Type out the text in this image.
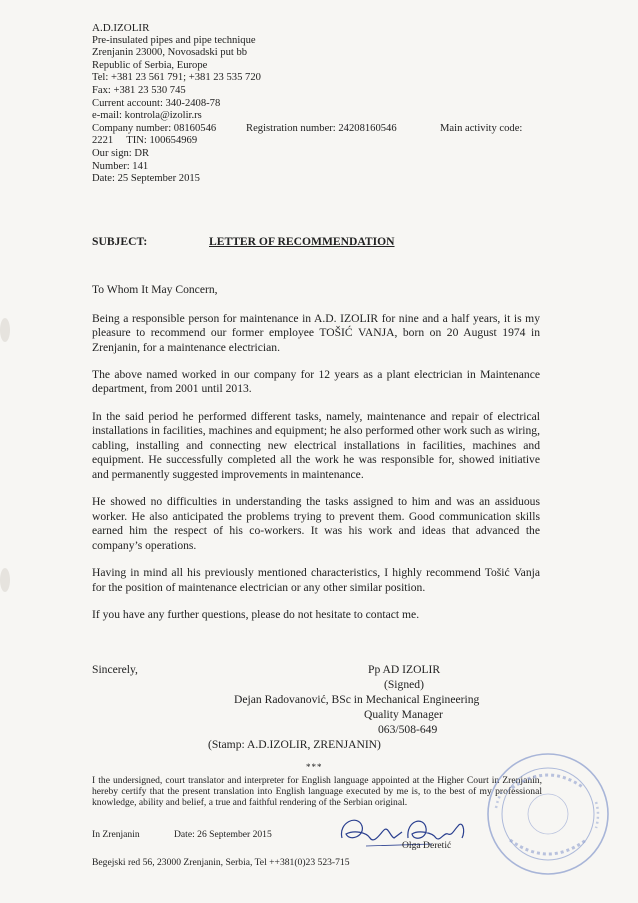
A.D.IZOLIR
Pre-insulated pipes and pipe technique
Zrenjanin 23000, Novosadski put bb
Republic of Serbia, Europe
Tel: +381 23 561 791; +381 23 535 720
Fax: +381 23 530 745
Current account: 340-2408-78
e-mail: kontrola@izolir.rs
Company number: 08160546	Registration number: 24208160546	Main activity code:
2221     TIN: 100654969
Our sign: DR
Number: 141
Date: 25 September 2015
SUBJECT:	LETTER OF RECOMMENDATION

To Whom It May Concern,

Being a responsible person for maintenance in A.D. IZOLIR for nine and a half years, it is my pleasure to recommend our former employee TOŠIĆ VANJA, born on 20 August 1974 in Zrenjanin, for a maintenance electrician.

The above named worked in our company for 12 years as a plant electrician in Maintenance department, from 2001 until 2013.

In the said period he performed different tasks, namely, maintenance and repair of electrical installations in facilities, machines and equipment; he also performed other work such as wiring, cabling, installing and connecting new electrical installations in facilities, machines and equipment. He successfully completed all the work he was responsible for, showed initiative and permanently suggested improvements in maintenance.

He showed no difficulties in understanding the tasks assigned to him and was an assiduous worker. He also anticipated the problems trying to prevent them. Good communication skills earned him the respect of his co-workers. It was his work and ideas that advanced the company’s operations.

Having in mind all his previously mentioned characteristics, I highly recommend Tošić Vanja for the position of maintenance electrician or any other similar position.

If you have any further questions, please do not hesitate to contact me.

Sincerely,	Pp AD IZOLIR
(Signed)
Dejan Radovanović, BSc in Mechanical Engineering
Quality Manager
063/508-649
(Stamp: A.D.IZOLIR, ZRENJANIN)
***
I the undersigned, court translator and interpreter for English language appointed at the Higher Court in Zrenjanin, hereby certify that the present translation into English language executed by me is, to the best of my professional knowledge, ability and belief, a true and faithful rendering of the Serbian original.
In Zrenjanin	Date: 26 September 2015
Olga Deretić
Begejski red 56, 23000 Zrenjanin, Serbia, Tel ++381(0)23 523-715
